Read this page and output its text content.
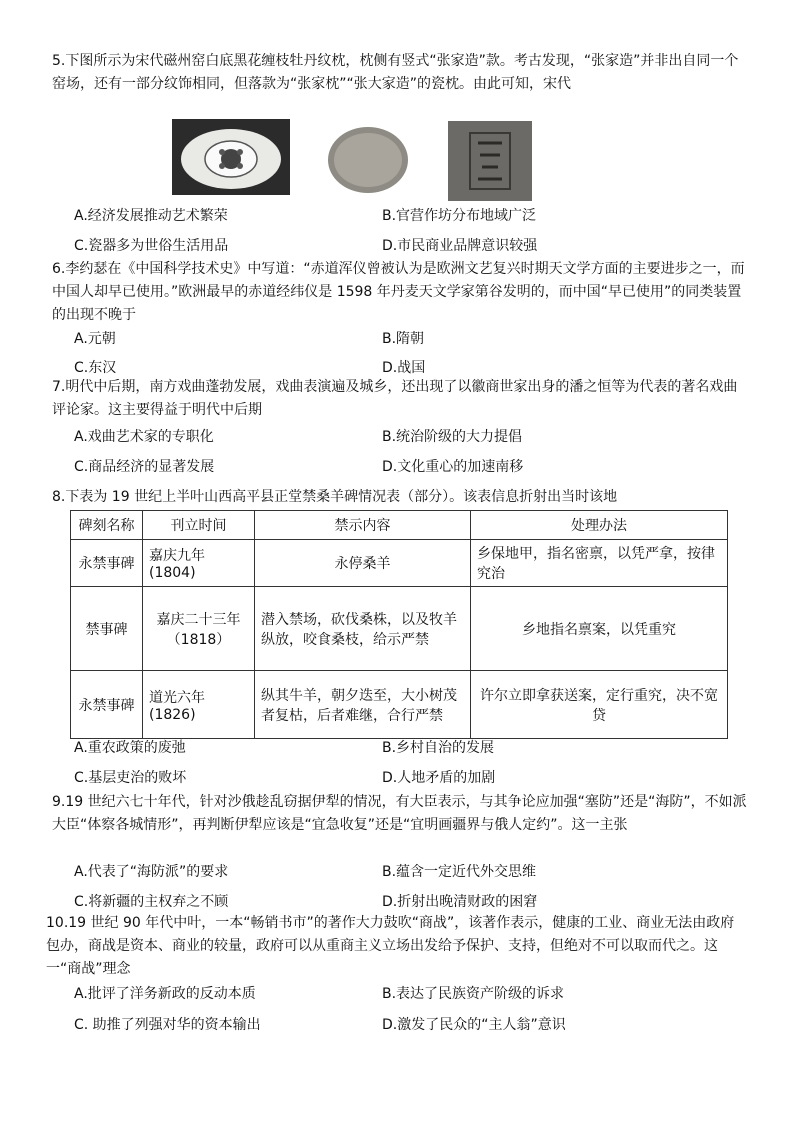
5.下图所示为宋代磁州窑白底黑花缠枝牡丹纹枕，枕侧有竖式“张家造”款。考古发现，“张家造”并非出自同一个窑场，还有一部分纹饰相同，但落款为“张家枕”“张大家造”的瓷枕。由此可知，宋代

A.经济发展推动艺术繁荣	B.官营作坊分布地域广泛
C.瓷器多为世俗生活用品	D.市民商业品牌意识较强

6.李约瑟在《中国科学技术史》中写道：“赤道浑仪曾被认为是欧洲文艺复兴时期天文学方面的主要进步之一，而中国人却早已使用。”欧洲最早的赤道经纬仪是 1598 年丹麦天文学家第谷发明的，而中国“早已使用”的同类装置的出现不晚于

A.元朝	B.隋朝
C.东汉	D.战国

7.明代中后期，南方戏曲蓬勃发展，戏曲表演遍及城乡，还出现了以徽商世家出身的潘之恒等为代表的著名戏曲评论家。这主要得益于明代中后期

A.戏曲艺术家的专职化	B.统治阶级的大力提倡
C.商品经济的显著发展	D.文化重心的加速南移

8.下表为 19 世纪上半叶山西高平县正堂禁桑羊碑情况表（部分）。该表信息折射出当时该地

碑刻名称	刊立时间	禁示内容	处理办法
永禁事碑	嘉庆九年(1804)	永停桑羊	乡保地甲，指名密禀，以凭严拿，按律究治
禁事碑	嘉庆二十三年（1818）	潜入禁场，砍伐桑株，以及牧羊 纵放，咬食桑枝，给示严禁	乡地指名禀案，以凭重究
永禁事碑	道光六年(1826)	纵其牛羊，朝夕迭至，大小树茂者复枯，后者难继，合行严禁	许尔立即拿获送案，定行重究，决不宽贷
A.重农政策的废弛	B.乡村自治的发展
C.基层吏治的败坏	D.人地矛盾的加剧

9.19 世纪六七十年代，针对沙俄趁乱窃据伊犁的情况，有大臣表示，与其争论应加强“塞防”还是“海防”，不如派大臣“体察各城情形”，再判断伊犁应该是“宜急收复”还是“宜明画疆界与俄人定约”。这一主张

A.代表了“海防派”的要求	B.蕴含一定近代外交思维
C.将新疆的主权弃之不顾	D.折射出晚清财政的困窘

10.19 世纪 90 年代中叶，一本“畅销书市”的著作大力鼓吹“商战”，该著作表示，健康的工业、商业无法由政府包办，商战是资本、商业的较量，政府可以从重商主义立场出发给予保护、支持，但绝对不可以取而代之。这一“商战”理念

A.批评了洋务新政的反动本质	B.表达了民族资产阶级的诉求
C. 助推了列强对华的资本输出	D.激发了民众的“主人翁”意识
